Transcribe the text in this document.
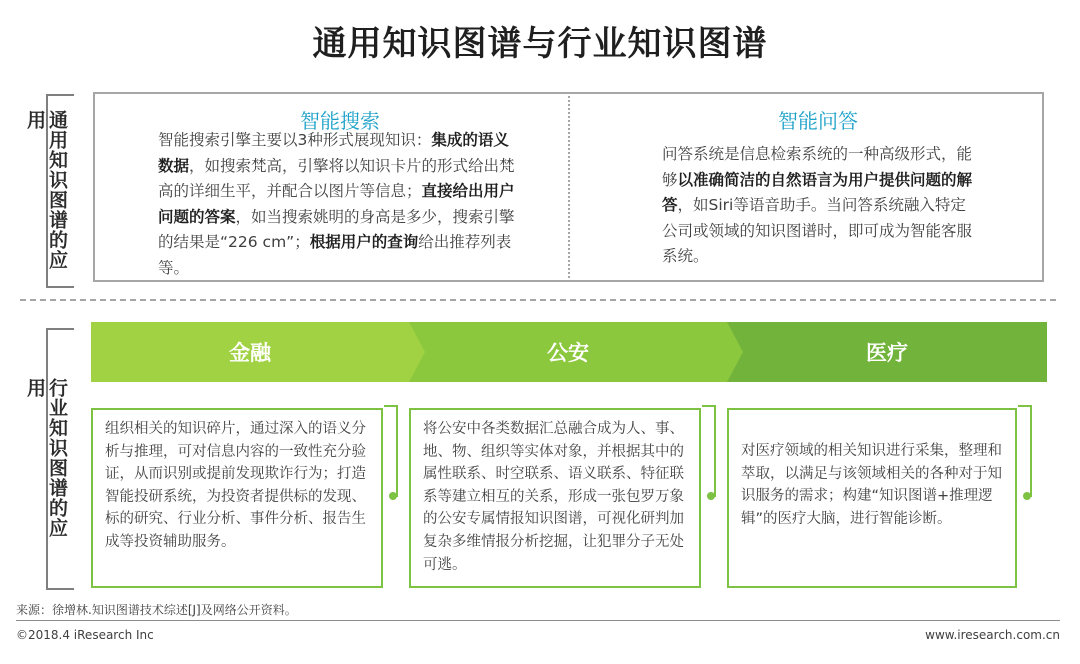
通用知识图谱与行业知识图谱
通用知识图谱的应用	智能搜索
智能搜索引擎主要以3种形式展现知识：集成的语义数据，如搜索梵高，引擎将以知识卡片的形式给出梵高的详细生平，并配合以图片等信息；直接给出用户问题的答案，如当搜索姚明的身高是多少，搜索引擎的结果是“226 cm”；根据用户的查询给出推荐列表等。
智能问答
问答系统是信息检索系统的一种高级形式，能够以准确简洁的自然语言为用户提供问题的解答，如Siri等语音助手。当问答系统融入特定公司或领域的知识图谱时，即可成为智能客服系统。
行业知识图谱的应用
金融	公安	医疗
组织相关的知识碎片，通过深入的语义分析与推理，可对信息内容的一致性充分验证，从而识别或提前发现欺诈行为；打造智能投研系统，为投资者提供标的发现、标的研究、行业分析、事件分析、报告生成等投资辅助服务。
将公安中各类数据汇总融合成为人、事、地、物、组织等实体对象，并根据其中的属性联系、时空联系、语义联系、特征联系等建立相互的关系，形成一张包罗万象的公安专属情报知识图谱，可视化研判加复杂多维情报分析挖掘，让犯罪分子无处可逃。
对医疗领域的相关知识进行采集，整理和萃取，以满足与该领域相关的各种对于知识服务的需求；构建“知识图谱+推理逻辑”的医疗大脑，进行智能诊断。
来源：徐增林.知识图谱技术综述[J]及网络公开资料。
©2018.4 iResearch Inc	www.iresearch.com.cn
